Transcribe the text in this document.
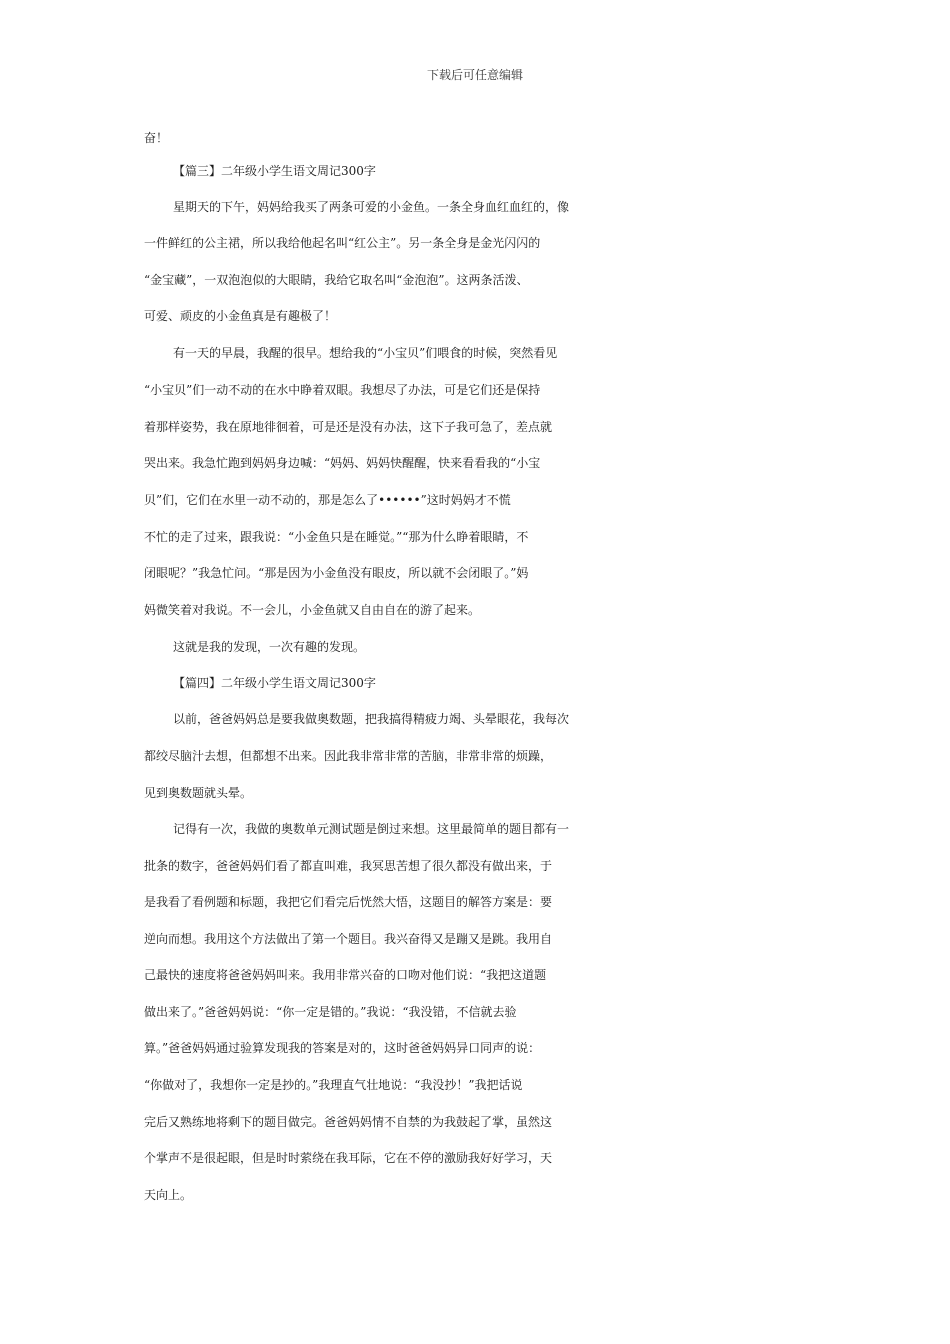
下载后可任意编辑
奋！
【篇三】二年级小学生语文周记300字
星期天的下午，妈妈给我买了两条可爱的小金鱼。一条全身血红血红的，像
一件鲜红的公主裙，所以我给他起名叫“红公主”。另一条全身是金光闪闪的
“金宝藏”，一双泡泡似的大眼睛，我给它取名叫“金泡泡”。这两条活泼、
可爱、顽皮的小金鱼真是有趣极了！
有一天的早晨，我醒的很早。想给我的“小宝贝”们喂食的时候，突然看见
“小宝贝”们一动不动的在水中睁着双眼。我想尽了办法，可是它们还是保持
着那样姿势，我在原地徘徊着，可是还是没有办法，这下子我可急了，差点就
哭出来。我急忙跑到妈妈身边喊：“妈妈、妈妈快醒醒，快来看看我的“小宝
贝”们，它们在水里一动不动的，那是怎么了••••••”这时妈妈才不慌
不忙的走了过来，跟我说：“小金鱼只是在睡觉。”“那为什么睁着眼睛，不
闭眼呢？”我急忙问。“那是因为小金鱼没有眼皮，所以就不会闭眼了。”妈
妈微笑着对我说。不一会儿，小金鱼就又自由自在的游了起来。
这就是我的发现，一次有趣的发现。
【篇四】二年级小学生语文周记300字
以前，爸爸妈妈总是要我做奥数题，把我搞得精疲力竭、头晕眼花，我每次
都绞尽脑汁去想，但都想不出来。因此我非常非常的苦脑，非常非常的烦躁，
见到奥数题就头晕。
记得有一次，我做的奥数单元测试题是倒过来想。这里最简单的题目都有一
批条的数字，爸爸妈妈们看了都直叫难，我冥思苦想了很久都没有做出来，于
是我看了看例题和标题，我把它们看完后恍然大悟，这题目的解答方案是：要
逆向而想。我用这个方法做出了第一个题目。我兴奋得又是蹦又是跳。我用自
己最快的速度将爸爸妈妈叫来。我用非常兴奋的口吻对他们说：“我把这道题
做出来了。”爸爸妈妈说：“你一定是错的。”我说：“我没错，不信就去验
算。”爸爸妈妈通过验算发现我的答案是对的，这时爸爸妈妈异口同声的说：
“你做对了，我想你一定是抄的。”我理直气壮地说：“我没抄！”我把话说
完后又熟练地将剩下的题目做完。爸爸妈妈情不自禁的为我鼓起了掌，虽然这
个掌声不是很起眼，但是时时萦绕在我耳际，它在不停的激励我好好学习，天
天向上。
